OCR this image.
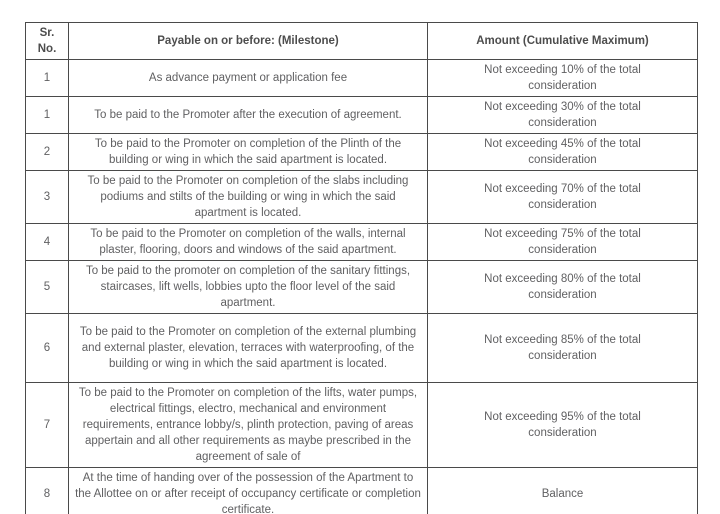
Sr. No.	Payable on or before: (Milestone)	Amount (Cumulative Maximum)
1	As advance payment or application fee	Not exceeding 10% of the total consideration
1	To be paid to the Promoter after the execution of agreement.	Not exceeding 30% of the total consideration
2	To be paid to the Promoter on completion of the Plinth of the building or wing in which the said apartment is located.	Not exceeding 45% of the total consideration
3	To be paid to the Promoter on completion of the slabs including podiums and stilts of the building or wing in which the said apartment is located.	Not exceeding 70% of the total consideration
4	To be paid to the Promoter on completion of the walls, internal plaster, flooring, doors and windows of the said apartment.	Not exceeding 75% of the total consideration
5	To be paid to the promoter on completion of the sanitary fittings, staircases, lift wells, lobbies upto the floor level of the said apartment.	Not exceeding 80% of the total consideration
6	To be paid to the Promoter on completion of the external plumbing and external plaster, elevation, terraces with waterproofing, of the building or wing in which the said apartment is located.	Not exceeding 85% of the total consideration
7	To be paid to the Promoter on completion of the lifts, water pumps, electrical fittings, electro, mechanical and environment requirements, entrance lobby/s, plinth protection, paving of areas appertain and all other requirements as maybe prescribed in the agreement of sale of	Not exceeding 95% of the total consideration
8	At the time of handing over of the possession of the Apartment to the Allottee on or after receipt of occupancy certificate or completion certificate.	Balance
